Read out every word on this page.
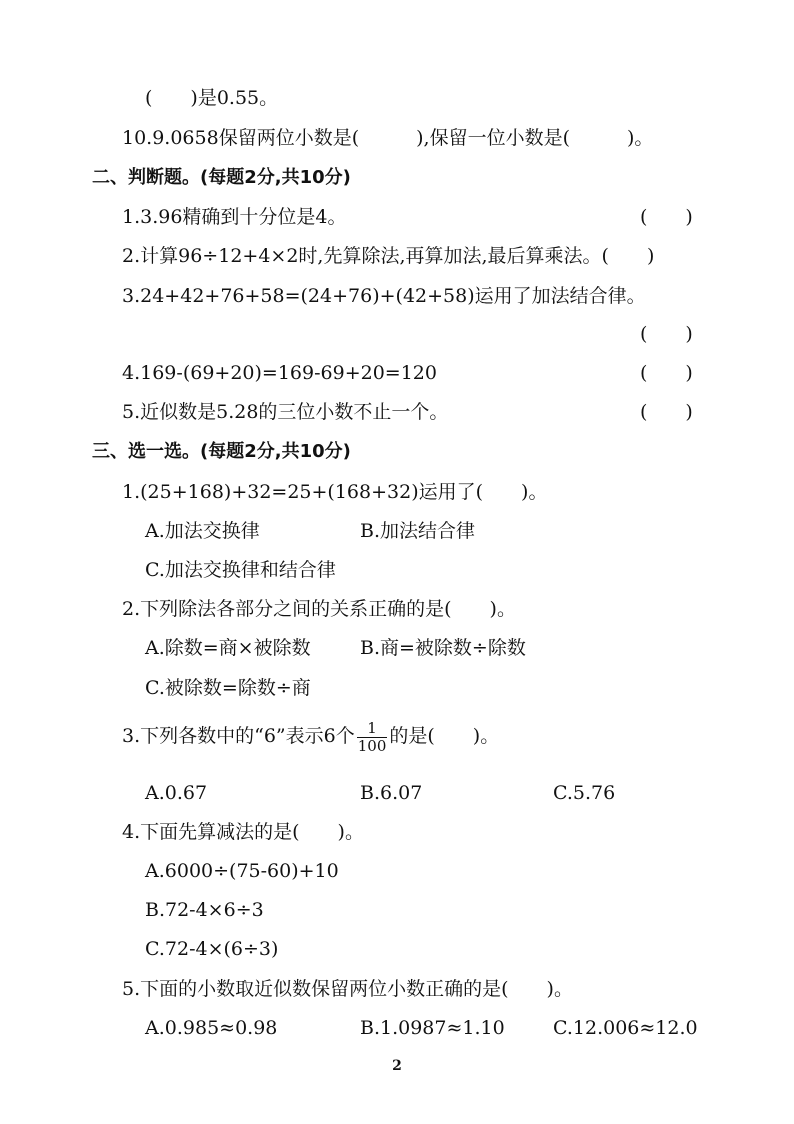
(　　)是0.55。
10.9.0658保留两位小数是(　　　),保留一位小数是(　　　)。
二、判断题。(每题2分,共10分)
1.3.96精确到十分位是4。	(　　)
2.计算96÷12+4×2时,先算除法,再算加法,最后算乘法。(　　)
3.24+42+76+58=(24+76)+(42+58)运用了加法结合律。
(　　)
4.169-(69+20)=169-69+20=120	(　　)
5.近似数是5.28的三位小数不止一个。	(　　)
三、选一选。(每题2分,共10分)
1.(25+168)+32=25+(168+32)运用了(　　)。
A.加法交换律	B.加法结合律
C.加法交换律和结合律
2.下列除法各部分之间的关系正确的是(　　)。
A.除数=商×被除数	B.商=被除数÷除数
C.被除数=除数÷商
3.下列各数中的“6”表示6个 $\frac{1}{100}$ 的是(　　)。
A.0.67	B.6.07	C.5.76
4.下面先算减法的是(　　)。
A.6000÷(75-60)+10
B.72-4×6÷3
C.72-4×(6÷3)
5.下面的小数取近似数保留两位小数正确的是(　　)。
A.0.985≈0.98	B.1.0987≈1.10	C.12.006≈12.0
2
